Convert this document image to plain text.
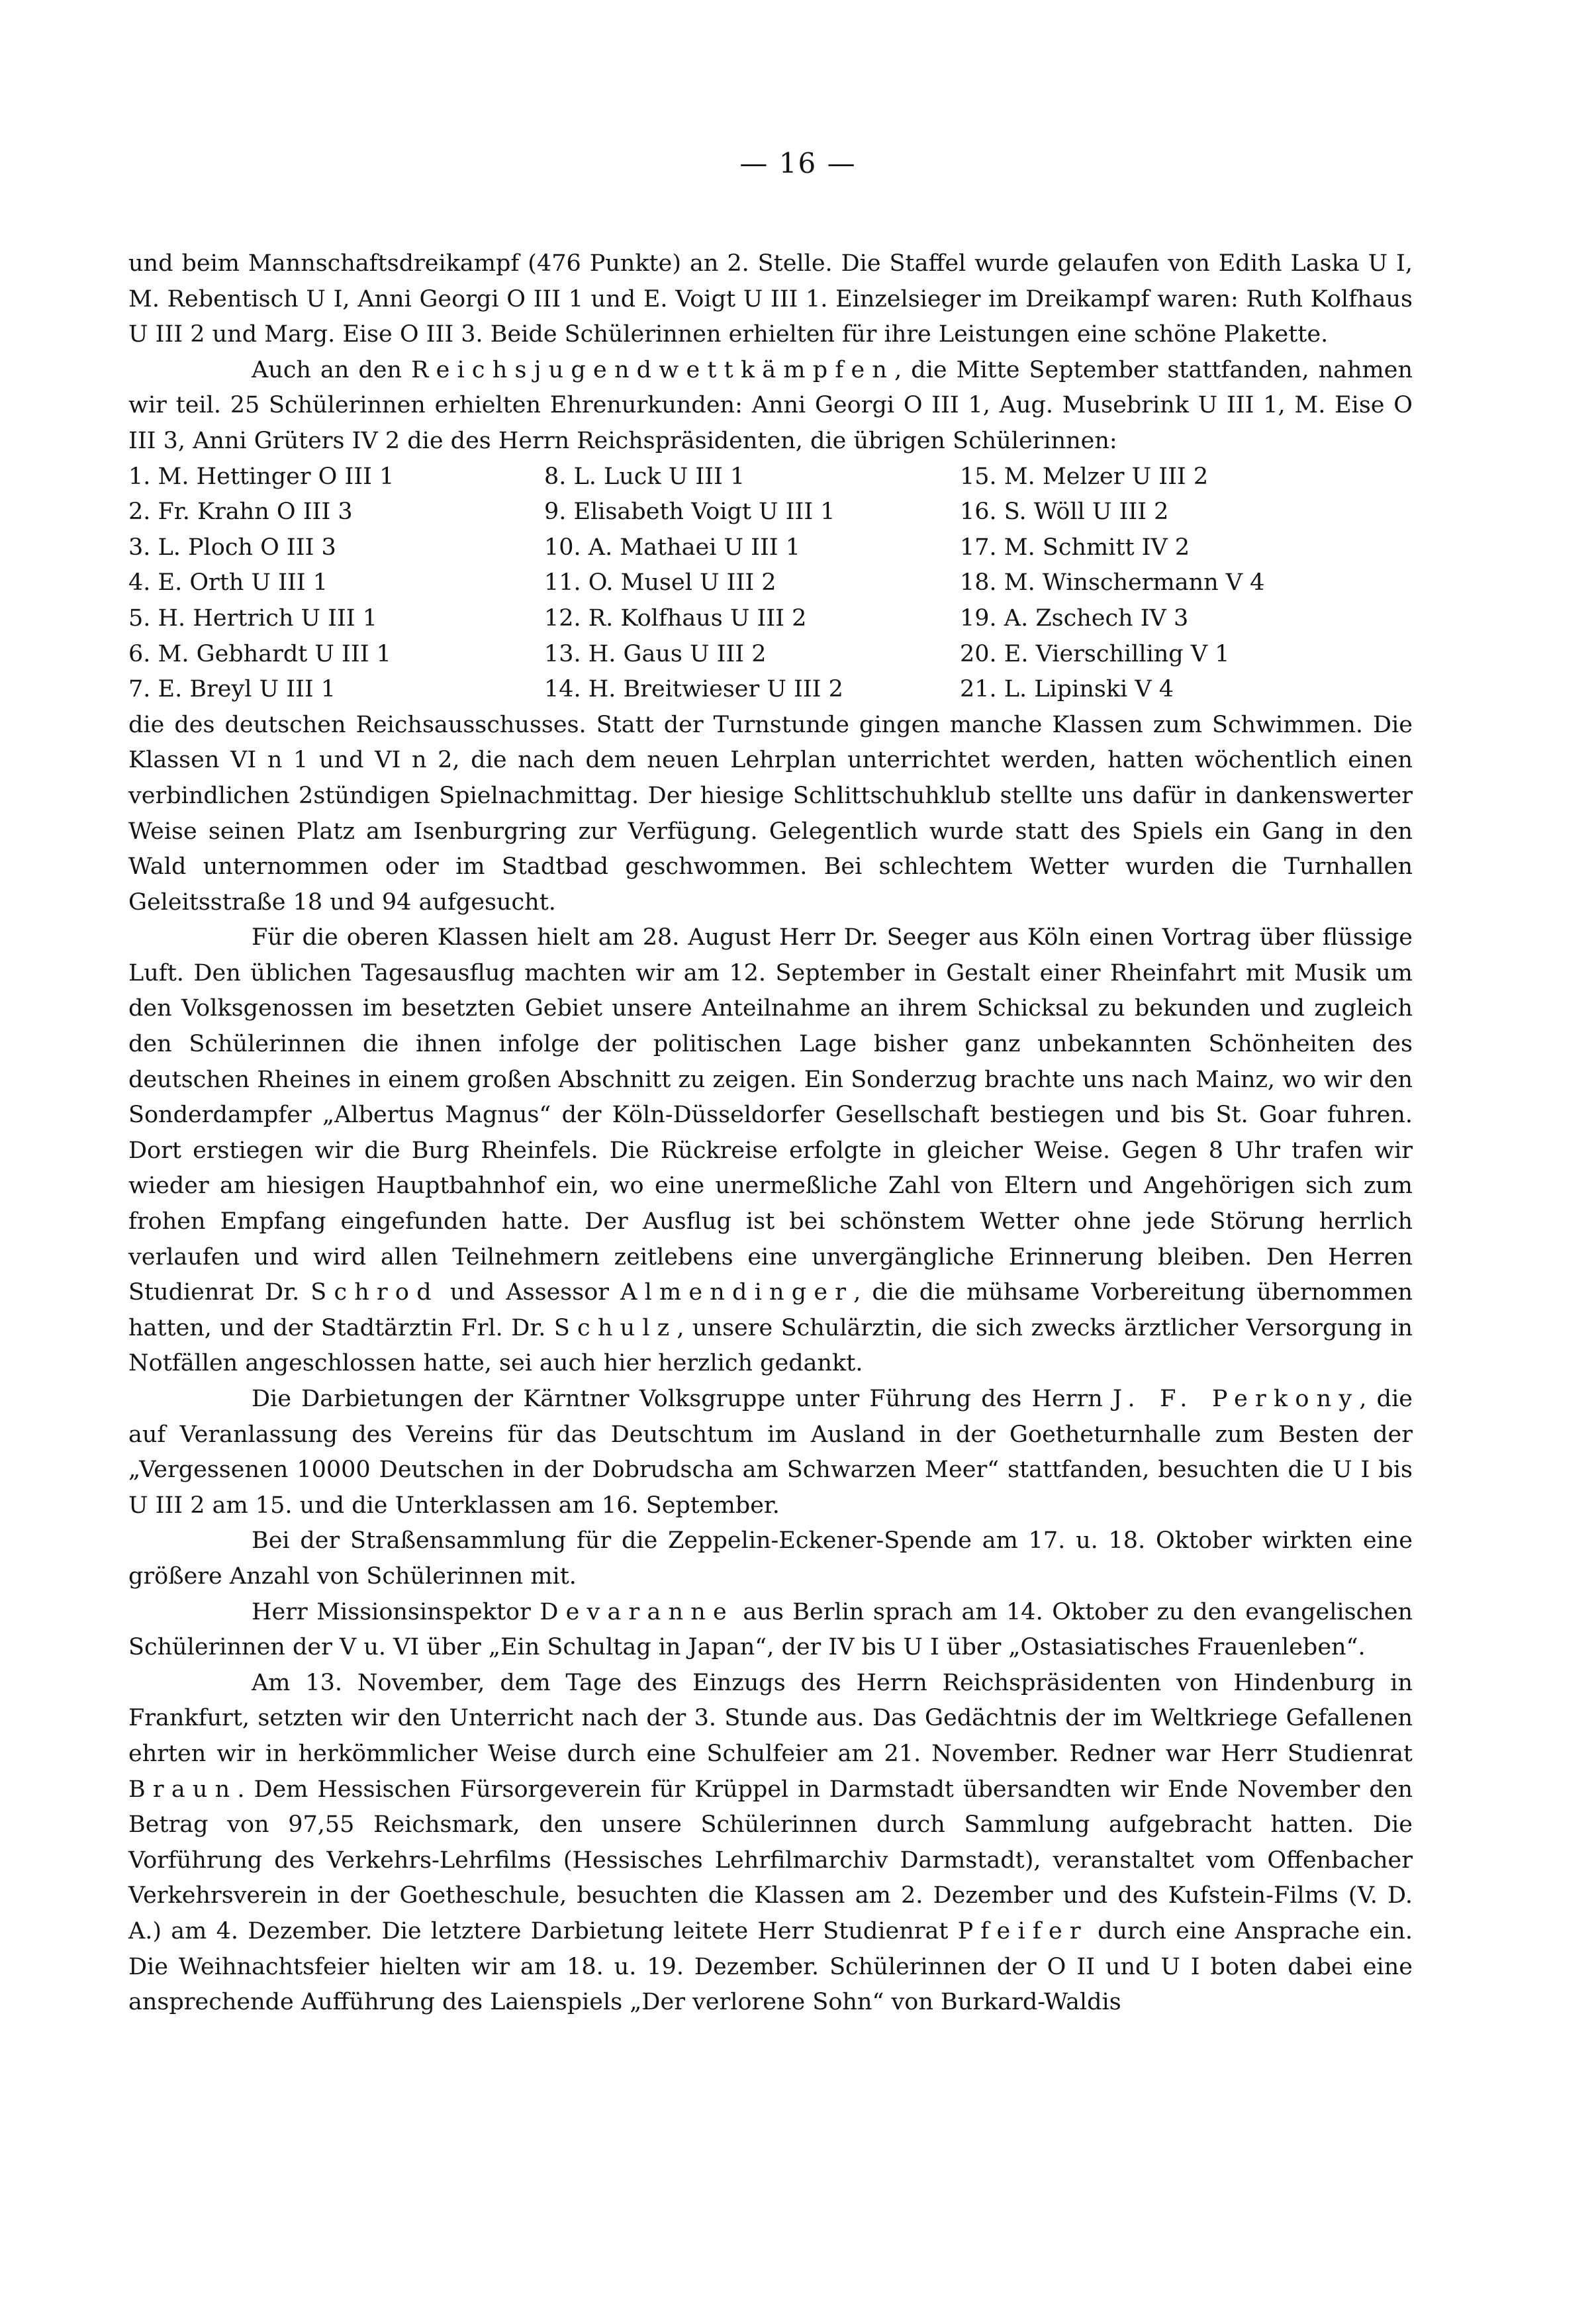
— 16 —

und beim Mannschaftsdreikampf (476 Punkte) an 2. Stelle. Die Staffel wurde gelaufen von Edith Laska U I, M. Rebentisch U I, Anni Georgi O III 1 und E. Voigt U III 1. Einzelsieger im Dreikampf waren: Ruth Kolfhaus U III 2 und Marg. Eise O III 3. Beide Schülerinnen erhielten für ihre Leistungen eine schöne Plakette.

Auch an den Reichsjugendwettkämpfen, die Mitte September stattfanden, nahmen wir teil. 25 Schülerinnen erhielten Ehrenurkunden: Anni Georgi O III 1, Aug. Musebrink U III 1, M. Eise O III 3, Anni Grüters IV 2 die des Herrn Reichspräsidenten, die übrigen Schülerinnen:

1. M. Hettinger O III 1	8. L. Luck U III 1	15. M. Melzer U III 2
2. Fr. Krahn O III 3	9. Elisabeth Voigt U III 1	16. S. Wöll U III 2
3. L. Ploch O III 3	10. A. Mathaei U III 1	17. M. Schmitt IV 2
4. E. Orth U III 1	11. O. Musel U III 2	18. M. Winschermann V 4
5. H. Hertrich U III 1	12. R. Kolfhaus U III 2	19. A. Zschech IV 3
6. M. Gebhardt U III 1	13. H. Gaus U III 2	20. E. Vierschilling V 1
7. E. Breyl U III 1	14. H. Breitwieser U III 2	21. L. Lipinski V 4

die des deutschen Reichsausschusses. Statt der Turnstunde gingen manche Klassen zum Schwimmen. Die Klassen VI n 1 und VI n 2, die nach dem neuen Lehrplan unterrichtet werden, hatten wöchentlich einen verbindlichen 2stündigen Spielnachmittag. Der hiesige Schlittschuhklub stellte uns dafür in dankenswerter Weise seinen Platz am Isenburgring zur Verfügung. Gelegentlich wurde statt des Spiels ein Gang in den Wald unternommen oder im Stadtbad geschwommen. Bei schlechtem Wetter wurden die Turnhallen Geleitsstraße 18 und 94 aufgesucht.

Für die oberen Klassen hielt am 28. August Herr Dr. Seeger aus Köln einen Vortrag über flüssige Luft. Den üblichen Tagesausflug machten wir am 12. September in Gestalt einer Rheinfahrt mit Musik um den Volksgenossen im besetzten Gebiet unsere Anteilnahme an ihrem Schicksal zu bekunden und zugleich den Schülerinnen die ihnen infolge der politischen Lage bisher ganz unbekannten Schönheiten des deutschen Rheines in einem großen Abschnitt zu zeigen. Ein Sonderzug brachte uns nach Mainz, wo wir den Sonderdampfer „Albertus Magnus“ der Köln-Düsseldorfer Gesellschaft bestiegen und bis St. Goar fuhren. Dort erstiegen wir die Burg Rheinfels. Die Rückreise erfolgte in gleicher Weise. Gegen 8 Uhr trafen wir wieder am hiesigen Hauptbahnhof ein, wo eine unermeßliche Zahl von Eltern und Angehörigen sich zum frohen Empfang eingefunden hatte. Der Ausflug ist bei schönstem Wetter ohne jede Störung herrlich verlaufen und wird allen Teilnehmern zeitlebens eine unvergängliche Erinnerung bleiben. Den Herren Studienrat Dr. Schrod und Assessor Almendinger, die die mühsame Vorbereitung übernommen hatten, und der Stadtärztin Frl. Dr. Schulz, unsere Schulärztin, die sich zwecks ärztlicher Versorgung in Notfällen angeschlossen hatte, sei auch hier herzlich gedankt.

Die Darbietungen der Kärntner Volksgruppe unter Führung des Herrn J. F. Perkony, die auf Veranlassung des Vereins für das Deutschtum im Ausland in der Goetheturnhalle zum Besten der „Vergessenen 10000 Deutschen in der Dobrudscha am Schwarzen Meer“ stattfanden, besuchten die U I bis U III 2 am 15. und die Unterklassen am 16. September.

Bei der Straßensammlung für die Zeppelin-Eckener-Spende am 17. u. 18. Oktober wirkten eine größere Anzahl von Schülerinnen mit.

Herr Missionsinspektor Devaranne aus Berlin sprach am 14. Oktober zu den evangelischen Schülerinnen der V u. VI über „Ein Schultag in Japan“, der IV bis U I über „Ostasiatisches Frauenleben“.

Am 13. November, dem Tage des Einzugs des Herrn Reichspräsidenten von Hindenburg in Frankfurt, setzten wir den Unterricht nach der 3. Stunde aus. Das Gedächtnis der im Weltkriege Gefallenen ehrten wir in herkömmlicher Weise durch eine Schulfeier am 21. November. Redner war Herr Studienrat Braun. Dem Hessischen Fürsorgeverein für Krüppel in Darmstadt übersandten wir Ende November den Betrag von 97,55 Reichsmark, den unsere Schülerinnen durch Sammlung aufgebracht hatten. Die Vorführung des Verkehrs-Lehrfilms (Hessisches Lehrfilmarchiv Darmstadt), veranstaltet vom Offenbacher Verkehrsverein in der Goetheschule, besuchten die Klassen am 2. Dezember und des Kufstein-Films (V. D. A.) am 4. Dezember. Die letztere Darbietung leitete Herr Studienrat Pfeifer durch eine Ansprache ein. Die Weihnachtsfeier hielten wir am 18. u. 19. Dezember. Schülerinnen der O II und U I boten dabei eine ansprechende Aufführung des Laienspiels „Der verlorene Sohn“ von Burkard-Waldis
